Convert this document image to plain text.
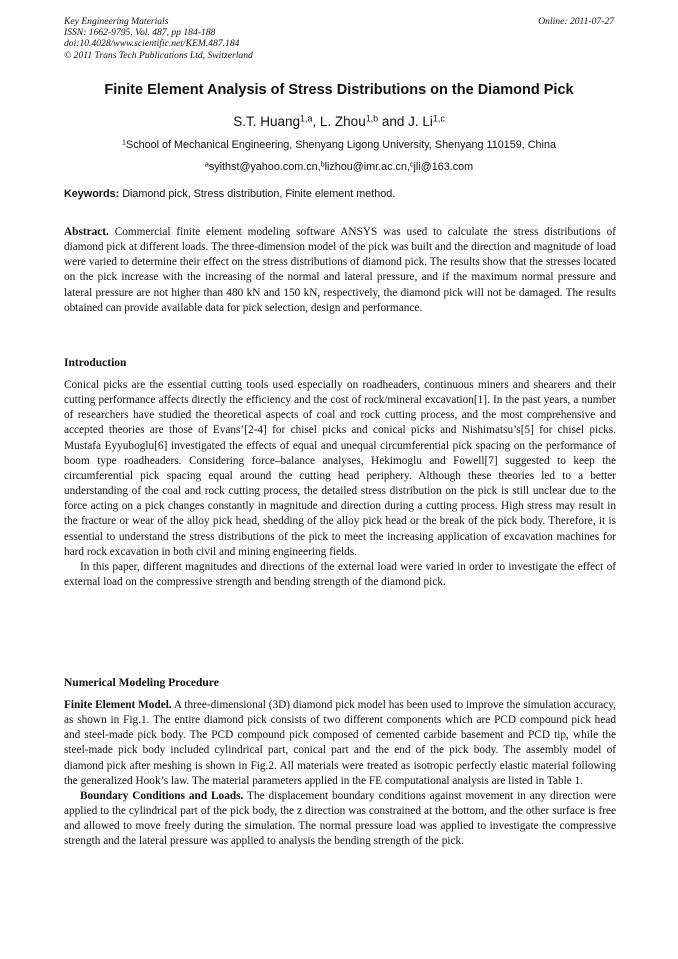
Key Engineering Materials
ISSN: 1662-9795, Vol. 487, pp 184-188
doi:10.4028/www.scientific.net/KEM.487.184
© 2011 Trans Tech Publications Ltd, Switzerland
Online: 2011-07-27
Finite Element Analysis of Stress Distributions on the Diamond Pick
S.T. Huang$^{1,a}$, L. Zhou$^{1,b}$ and J. Li$^{1,c}$
$^1$School of Mechanical Engineering, Shenyang Ligong University, Shenyang 110159, China
$^a$syithst@yahoo.com.cn,$^b$lizhou@imr.ac.cn,$^c$jli@163.com
Keywords: Diamond pick, Stress distribution, Finite element method.

Abstract. Commercial finite element modeling software ANSYS was used to calculate the stress distributions of diamond pick at different loads. The three-dimension model of the pick was built and the direction and magnitude of load were varied to determine their effect on the stress distributions of diamond pick. The results show that the stresses located on the pick increase with the increasing of the normal and lateral pressure, and if the maximum normal pressure and lateral pressure are not higher than 480 kN and 150 kN, respectively, the diamond pick will not be damaged. The results obtained can provide available data for pick selection, design and performance.

Introduction

Conical picks are the essential cutting tools used especially on roadheaders, continuous miners and shearers and their cutting performance affects directly the efficiency and the cost of rock/mineral excavation[1]. In the past years, a number of researchers have studied the theoretical aspects of coal and rock cutting process, and the most comprehensive and accepted theories are those of Evans’[2-4] for chisel picks and conical picks and Nishimatsu’s[5] for chisel picks. Mustafa Eyyuboglu[6] investigated the effects of equal and unequal circumferential pick spacing on the performance of boom type roadheaders. Considering force–balance analyses, Hekimoglu and Fowell[7] suggested to keep the circumferential pick spacing equal around the cutting head periphery. Although these theories led to a better understanding of the coal and rock cutting process, the detailed stress distribution on the pick is still unclear due to the force acting on a pick changes constantly in magnitude and direction during a cutting process. High stress may result in the fracture or wear of the alloy pick head, shedding of the alloy pick head or the break of the pick body. Therefore, it is essential to understand the stress distributions of the pick to meet the increasing application of excavation machines for hard rock excavation in both civil and mining engineering fields.

In this paper, different magnitudes and directions of the external load were varied in order to investigate the effect of external load on the compressive strength and bending strength of the diamond pick.

Numerical Modeling Procedure

Finite Element Model. A three-dimensional (3D) diamond pick model has been used to improve the simulation accuracy, as shown in Fig.1. The entire diamond pick consists of two different components which are PCD compound pick head and steel-made pick body. The PCD compound pick composed of cemented carbide basement and PCD tip, while the steel-made pick body included cylindrical part, conical part and the end of the pick body. The assembly model of diamond pick after meshing is shown in Fig.2. All materials were treated as isotropic perfectly elastic material following the generalized Hook’s law. The material parameters applied in the FE computational analysis are listed in Table 1.

Boundary Conditions and Loads. The displacement boundary conditions against movement in any direction were applied to the cylindrical part of the pick body, the z direction was constrained at the bottom, and the other surface is free and allowed to move freely during the simulation. The normal pressure load was applied to investigate the compressive strength and the lateral pressure was applied to analysis the bending strength of the pick.
